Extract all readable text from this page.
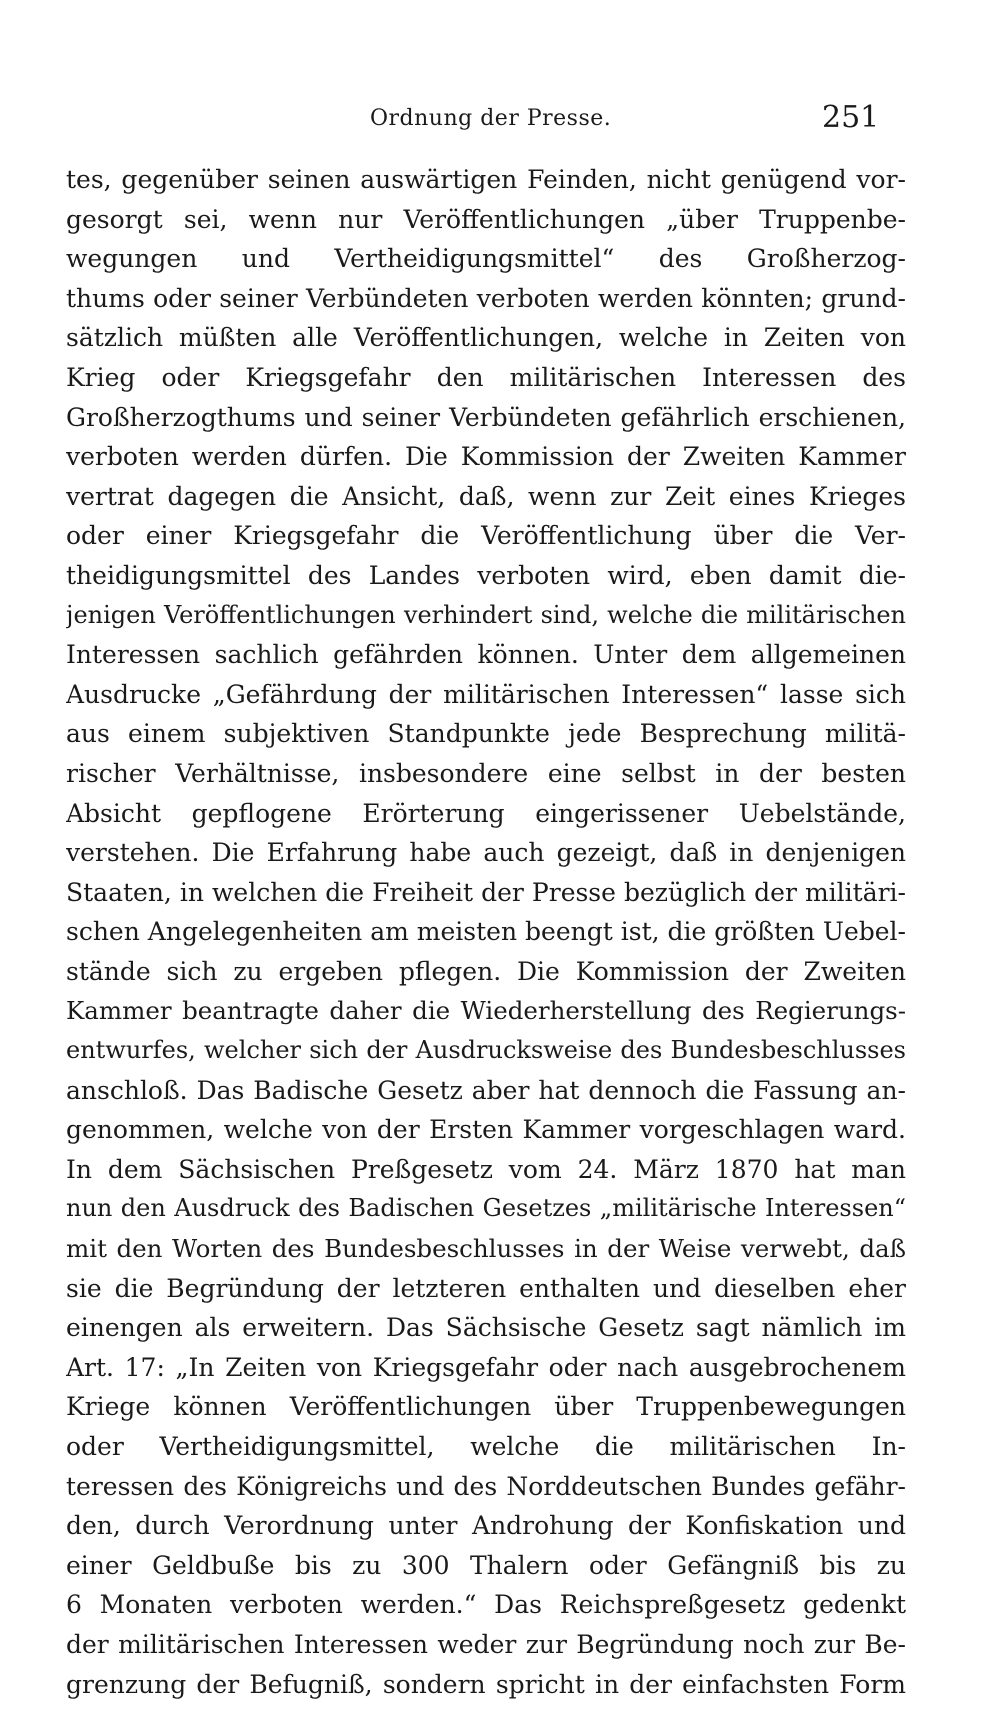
Ordnung der Presse.	251
tes, gegenüber seinen auswärtigen Feinden, nicht genügend vor-
gesorgt sei, wenn nur Veröffentlichungen „über Truppenbe-
wegungen und Vertheidigungsmittel“ des Großherzog-
thums oder seiner Verbündeten verboten werden könnten; grund-
sätzlich müßten alle Veröffentlichungen, welche in Zeiten von
Krieg oder Kriegsgefahr den militärischen Interessen des
Großherzogthums und seiner Verbündeten gefährlich erschienen,
verboten werden dürfen. Die Kommission der Zweiten Kammer
vertrat dagegen die Ansicht, daß, wenn zur Zeit eines Krieges
oder einer Kriegsgefahr die Veröffentlichung über die Ver-
theidigungsmittel des Landes verboten wird, eben damit die-
jenigen Veröffentlichungen verhindert sind, welche die militärischen
Interessen sachlich gefährden können. Unter dem allgemeinen
Ausdrucke „Gefährdung der militärischen Interessen“ lasse sich
aus einem subjektiven Standpunkte jede Besprechung militä-
rischer Verhältnisse, insbesondere eine selbst in der besten
Absicht gepflogene Erörterung eingerissener Uebelstände,
verstehen. Die Erfahrung habe auch gezeigt, daß in denjenigen
Staaten, in welchen die Freiheit der Presse bezüglich der militäri-
schen Angelegenheiten am meisten beengt ist, die größten Uebel-
stände sich zu ergeben pflegen. Die Kommission der Zweiten
Kammer beantragte daher die Wiederherstellung des Regierungs-
entwurfes, welcher sich der Ausdrucksweise des Bundesbeschlusses
anschloß. Das Badische Gesetz aber hat dennoch die Fassung an-
genommen, welche von der Ersten Kammer vorgeschlagen ward.
In dem Sächsischen Preßgesetz vom 24. März 1870 hat man
nun den Ausdruck des Badischen Gesetzes „militärische Interessen“
mit den Worten des Bundesbeschlusses in der Weise verwebt, daß
sie die Begründung der letzteren enthalten und dieselben eher
einengen als erweitern. Das Sächsische Gesetz sagt nämlich im
Art. 17: „In Zeiten von Kriegsgefahr oder nach ausgebrochenem
Kriege können Veröffentlichungen über Truppenbewegungen
oder Vertheidigungsmittel, welche die militärischen In-
teressen des Königreichs und des Norddeutschen Bundes gefähr-
den, durch Verordnung unter Androhung der Konfiskation und
einer Geldbuße bis zu 300 Thalern oder Gefängniß bis zu
6 Monaten verboten werden.“ Das Reichspreßgesetz gedenkt
der militärischen Interessen weder zur Begründung noch zur Be-
grenzung der Befugniß, sondern spricht in der einfachsten Form
